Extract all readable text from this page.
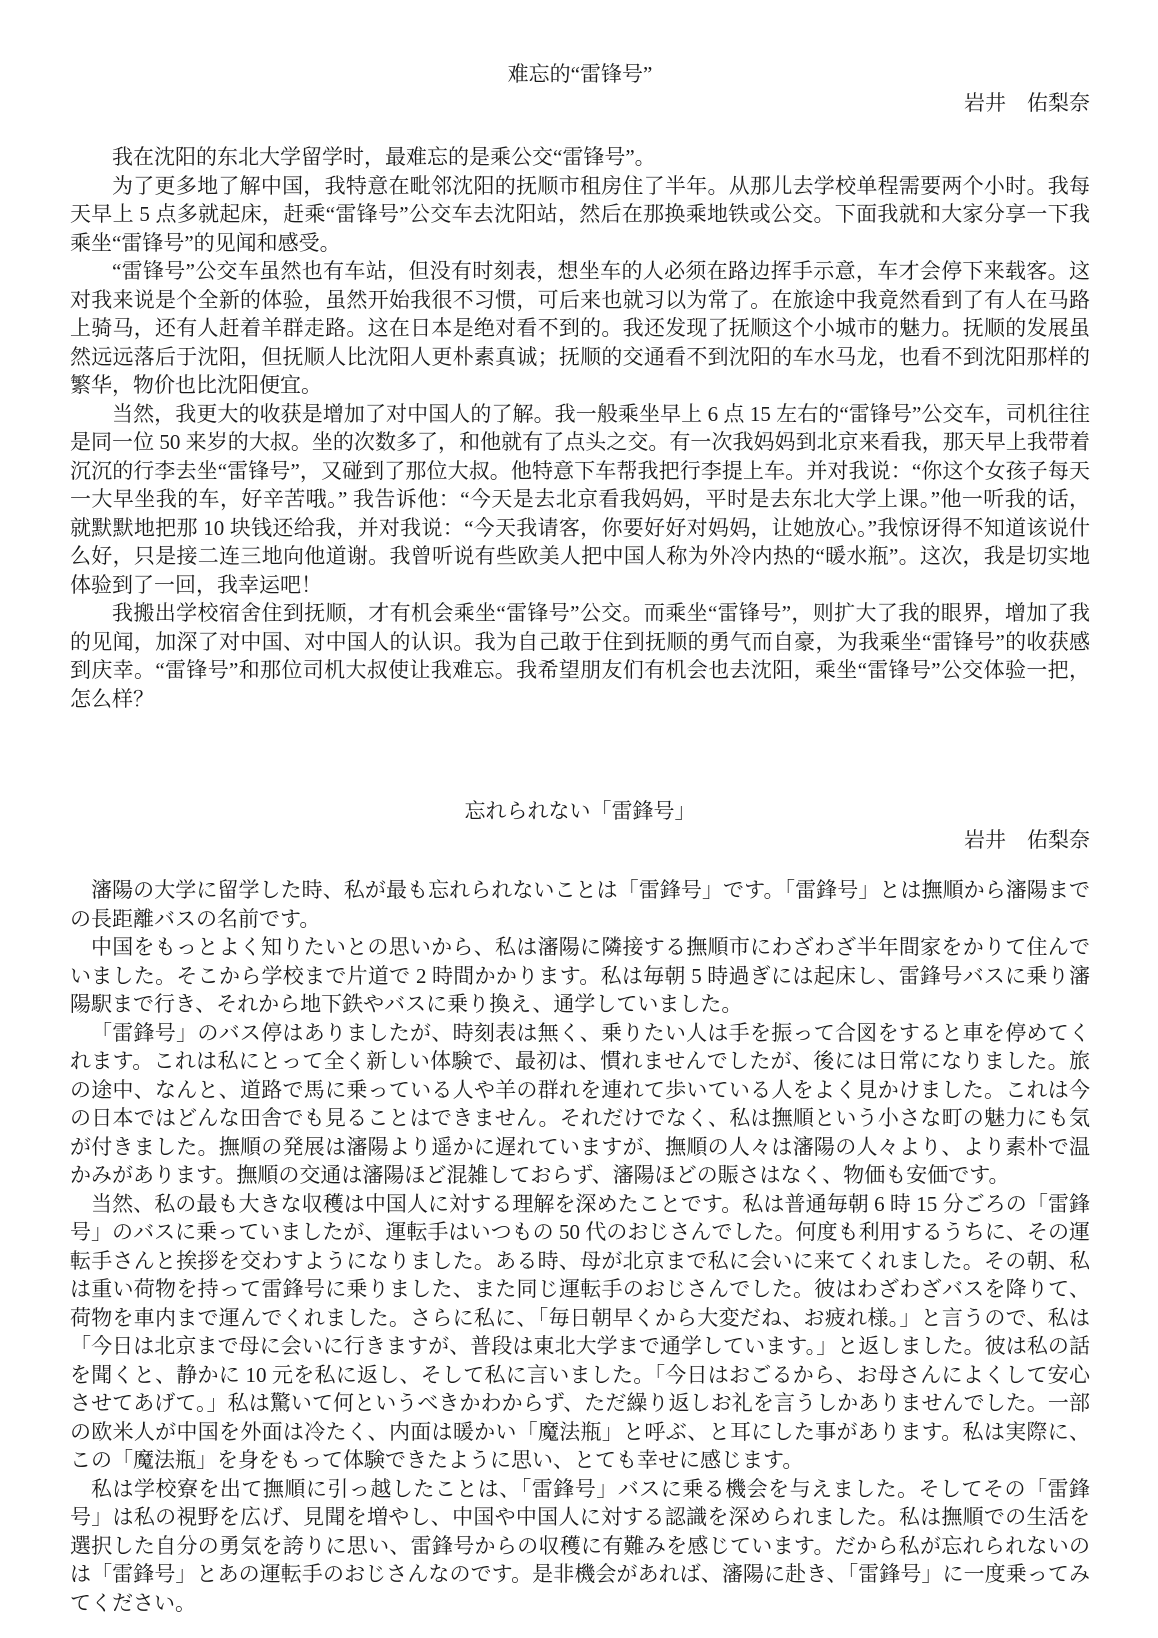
难忘的“雷锋号”
岩井　佑梨奈

我在沈阳的东北大学留学时，最难忘的是乘公交“雷锋号”。

为了更多地了解中国，我特意在毗邻沈阳的抚顺市租房住了半年。从那儿去学校单程需要两个小时。我每天早上 5 点多就起床，赶乘“雷锋号”公交车去沈阳站，然后在那换乘地铁或公交。下面我就和大家分享一下我乘坐“雷锋号”的见闻和感受。

“雷锋号”公交车虽然也有车站，但没有时刻表，想坐车的人必须在路边挥手示意，车才会停下来载客。这对我来说是个全新的体验，虽然开始我很不习惯，可后来也就习以为常了。在旅途中我竟然看到了有人在马路上骑马，还有人赶着羊群走路。这在日本是绝对看不到的。我还发现了抚顺这个小城市的魅力。抚顺的发展虽然远远落后于沈阳，但抚顺人比沈阳人更朴素真诚；抚顺的交通看不到沈阳的车水马龙，也看不到沈阳那样的繁华，物价也比沈阳便宜。

当然，我更大的收获是增加了对中国人的了解。我一般乘坐早上 6 点 15 左右的“雷锋号”公交车，司机往往是同一位 50 来岁的大叔。坐的次数多了，和他就有了点头之交。有一次我妈妈到北京来看我，那天早上我带着沉沉的行李去坐“雷锋号”，又碰到了那位大叔。他特意下车帮我把行李提上车。并对我说：“你这个女孩子每天一大早坐我的车，好辛苦哦。” 我告诉他：“今天是去北京看我妈妈，平时是去东北大学上课。”他一听我的话，就默默地把那 10 块钱还给我，并对我说：“今天我请客，你要好好对妈妈，让她放心。”我惊讶得不知道该说什么好，只是接二连三地向他道谢。我曾听说有些欧美人把中国人称为外冷内热的“暖水瓶”。这次，我是切实地体验到了一回，我幸运吧！

我搬出学校宿舍住到抚顺，才有机会乘坐“雷锋号”公交。而乘坐“雷锋号”，则扩大了我的眼界，增加了我的见闻，加深了对中国、对中国人的认识。我为自己敢于住到抚顺的勇气而自豪，为我乘坐“雷锋号”的收获感到庆幸。“雷锋号”和那位司机大叔使让我难忘。我希望朋友们有机会也去沈阳，乘坐“雷锋号”公交体验一把，怎么样？

忘れられない「雷鋒号」
岩井　佑梨奈

瀋陽の大学に留学した時、私が最も忘れられないことは「雷鋒号」です。「雷鋒号」とは撫順から瀋陽までの長距離バスの名前です。

中国をもっとよく知りたいとの思いから、私は瀋陽に隣接する撫順市にわざわざ半年間家をかりて住んでいました。そこから学校まで片道で 2 時間かかります。私は毎朝 5 時過ぎには起床し、雷鋒号バスに乗り瀋陽駅まで行き、それから地下鉄やバスに乗り換え、通学していました。

「雷鋒号」のバス停はありましたが、時刻表は無く、乗りたい人は手を振って合図をすると車を停めてくれます。これは私にとって全く新しい体験で、最初は、慣れませんでしたが、後には日常になりました。旅の途中、なんと、道路で馬に乗っている人や羊の群れを連れて歩いている人をよく見かけました。これは今の日本ではどんな田舎でも見ることはできません。それだけでなく、私は撫順という小さな町の魅力にも気が付きました。撫順の発展は瀋陽より遥かに遅れていますが、撫順の人々は瀋陽の人々より、より素朴で温かみがあります。撫順の交通は瀋陽ほど混雑しておらず、瀋陽ほどの賑さはなく、物価も安価です。

当然、私の最も大きな収穫は中国人に対する理解を深めたことです。私は普通毎朝 6 時 15 分ごろの「雷鋒号」のバスに乗っていましたが、運転手はいつもの 50 代のおじさんでした。何度も利用するうちに、その運転手さんと挨拶を交わすようになりました。ある時、母が北京まで私に会いに来てくれました。その朝、私は重い荷物を持って雷鋒号に乗りました、また同じ運転手のおじさんでした。彼はわざわざバスを降りて、荷物を車内まで運んでくれました。さらに私に、「毎日朝早くから大変だね、お疲れ様。」と言うので、私は「今日は北京まで母に会いに行きますが、普段は東北大学まで通学しています。」と返しました。彼は私の話を聞くと、静かに 10 元を私に返し、そして私に言いました。「今日はおごるから、お母さんによくして安心させてあげて。」私は驚いて何というべきかわからず、ただ繰り返しお礼を言うしかありませんでした。一部の欧米人が中国を外面は冷たく、内面は暖かい「魔法瓶」と呼ぶ、と耳にした事があります。私は実際に、この「魔法瓶」を身をもって体験できたように思い、とても幸せに感じます。

私は学校寮を出て撫順に引っ越したことは、「雷鋒号」バスに乗る機会を与えました。そしてその「雷鋒号」は私の視野を広げ、見聞を増やし、中国や中国人に対する認識を深められました。私は撫順での生活を選択した自分の勇気を誇りに思い、雷鋒号からの収穫に有難みを感じています。だから私が忘れられないのは「雷鋒号」とあの運転手のおじさんなのです。是非機会があれば、瀋陽に赴き、「雷鋒号」に一度乗ってみてください。
